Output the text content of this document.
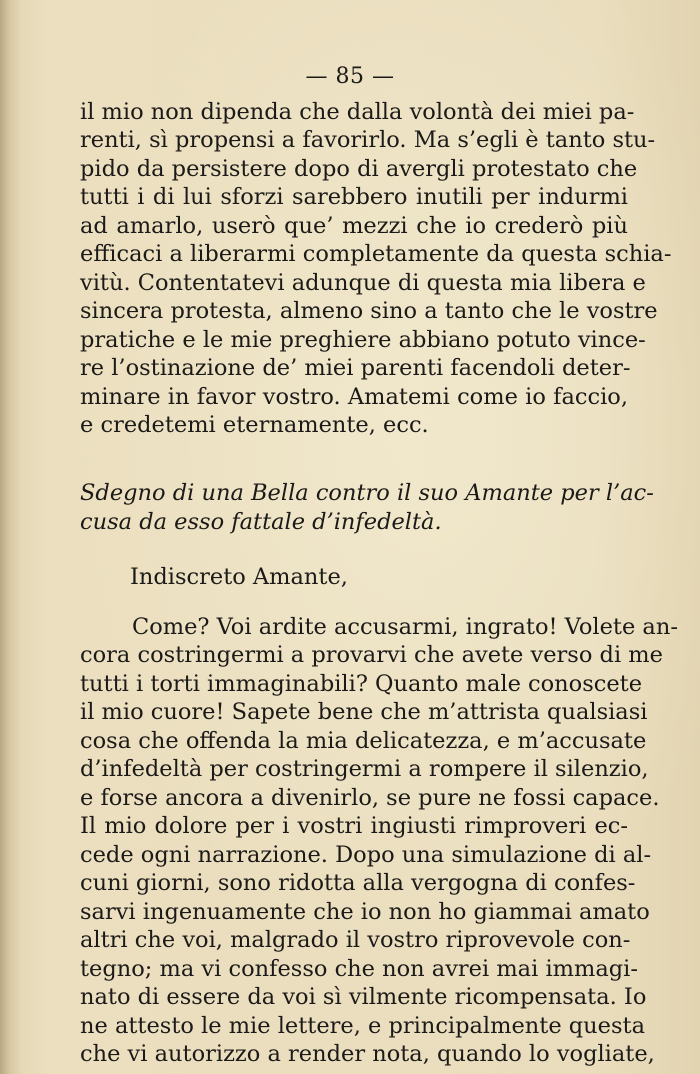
— 85 —
il mio non dipenda che dalla volontà dei miei pa-
renti, sì propensi a favorirlo. Ma s’egli è tanto stu-
pido da persistere dopo di avergli protestato che
tutti i di lui sforzi sarebbero inutili per indurmi
ad amarlo, userò que’ mezzi che io crederò più
efficaci a liberarmi completamente da questa schia-
vitù. Contentatevi adunque di questa mia libera e
sincera protesta, almeno sino a tanto che le vostre
pratiche e le mie preghiere abbiano potuto vince-
re l’ostinazione de’ miei parenti facendoli deter-
minare in favor vostro. Amatemi come io faccio,
e credetemi eternamente, ecc.
Sdegno di una Bella contro il suo Amante per l’ac-
cusa da esso fattale d’infedeltà.
Indiscreto Amante,
Come? Voi ardite accusarmi, ingrato! Volete an-
cora costringermi a provarvi che avete verso di me
tutti i torti immaginabili? Quanto male conoscete
il mio cuore! Sapete bene che m’attrista qualsiasi
cosa che offenda la mia delicatezza, e m’accusate
d’infedeltà per costringermi a rompere il silenzio,
e forse ancora a divenirlo, se pure ne fossi capace.
Il mio dolore per i vostri ingiusti rimproveri ec-
cede ogni narrazione. Dopo una simulazione di al-
cuni giorni, sono ridotta alla vergogna di confes-
sarvi ingenuamente che io non ho giammai amato
altri che voi, malgrado il vostro riprovevole con-
tegno; ma vi confesso che non avrei mai immagi-
nato di essere da voi sì vilmente ricompensata. Io
ne attesto le mie lettere, e principalmente questa
che vi autorizzo a render nota, quando lo vogliate,
